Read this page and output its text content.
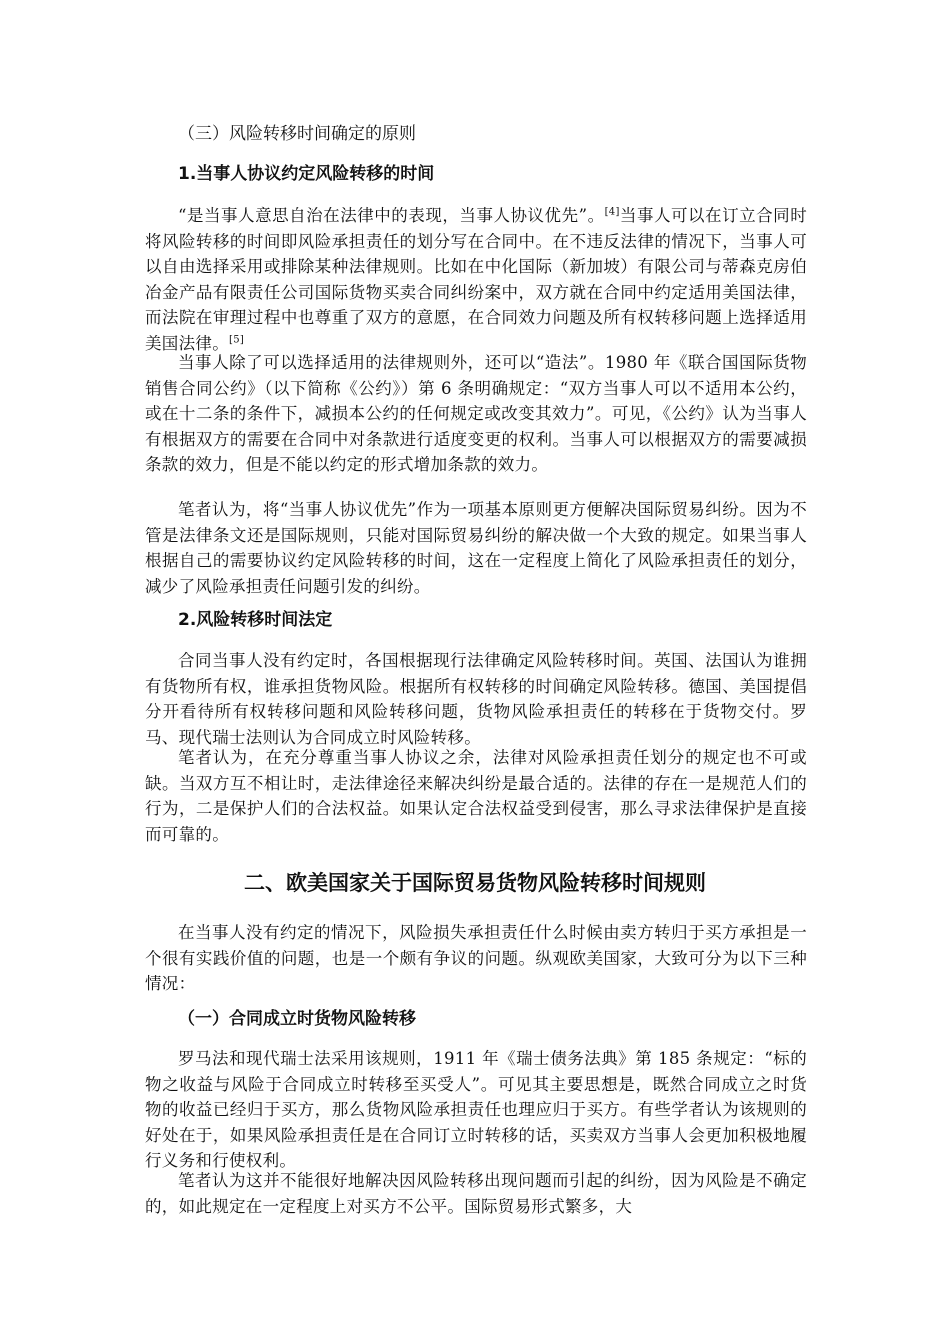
（三）风险转移时间确定的原则

1.当事人协议约定风险转移的时间

“是当事人意思自治在法律中的表现，当事人协议优先”。[4]当事人可以在订立合同时将风险转移的时间即风险承担责任的划分写在合同中。在不违反法律的情况下，当事人可以自由选择采用或排除某种法律规则。比如在中化国际（新加坡）有限公司与蒂森克房伯冶金产品有限责任公司国际货物买卖合同纠纷案中，双方就在合同中约定适用美国法律，而法院在审理过程中也尊重了双方的意愿，在合同效力问题及所有权转移问题上选择适用美国法律。[5]

当事人除了可以选择适用的法律规则外，还可以“造法”。1980 年《联合国国际货物销售合同公约》（以下简称《公约》）第 6 条明确规定：“双方当事人可以不适用本公约，或在十二条的条件下，减损本公约的任何规定或改变其效力”。可见，《公约》认为当事人有根据双方的需要在合同中对条款进行适度变更的权利。当事人可以根据双方的需要减损条款的效力，但是不能以约定的形式增加条款的效力。

笔者认为，将“当事人协议优先”作为一项基本原则更方便解决国际贸易纠纷。因为不管是法律条文还是国际规则，只能对国际贸易纠纷的解决做一个大致的规定。如果当事人根据自己的需要协议约定风险转移的时间，这在一定程度上简化了风险承担责任的划分，减少了风险承担责任问题引发的纠纷。

2.风险转移时间法定

合同当事人没有约定时，各国根据现行法律确定风险转移时间。英国、法国认为谁拥有货物所有权，谁承担货物风险。根据所有权转移的时间确定风险转移。德国、美国提倡分开看待所有权转移问题和风险转移问题，货物风险承担责任的转移在于货物交付。罗马、现代瑞士法则认为合同成立时风险转移。

笔者认为，在充分尊重当事人协议之余，法律对风险承担责任划分的规定也不可或缺。当双方互不相让时，走法律途径来解决纠纷是最合适的。法律的存在一是规范人们的行为，二是保护人们的合法权益。如果认定合法权益受到侵害，那么寻求法律保护是直接而可靠的。

二、欧美国家关于国际贸易货物风险转移时间规则

在当事人没有约定的情况下，风险损失承担责任什么时候由卖方转归于买方承担是一个很有实践价值的问题，也是一个颇有争议的问题。纵观欧美国家，大致可分为以下三种情况：

（一）合同成立时货物风险转移

罗马法和现代瑞士法采用该规则，1911 年《瑞士债务法典》第 185 条规定：“标的物之收益与风险于合同成立时转移至买受人”。可见其主要思想是，既然合同成立之时货物的收益已经归于买方，那么货物风险承担责任也理应归于买方。有些学者认为该规则的好处在于，如果风险承担责任是在合同订立时转移的话，买卖双方当事人会更加积极地履行义务和行使权利。

笔者认为这并不能很好地解决因风险转移出现问题而引起的纠纷，因为风险是不确定的，如此规定在一定程度上对买方不公平。国际贸易形式繁多，大
